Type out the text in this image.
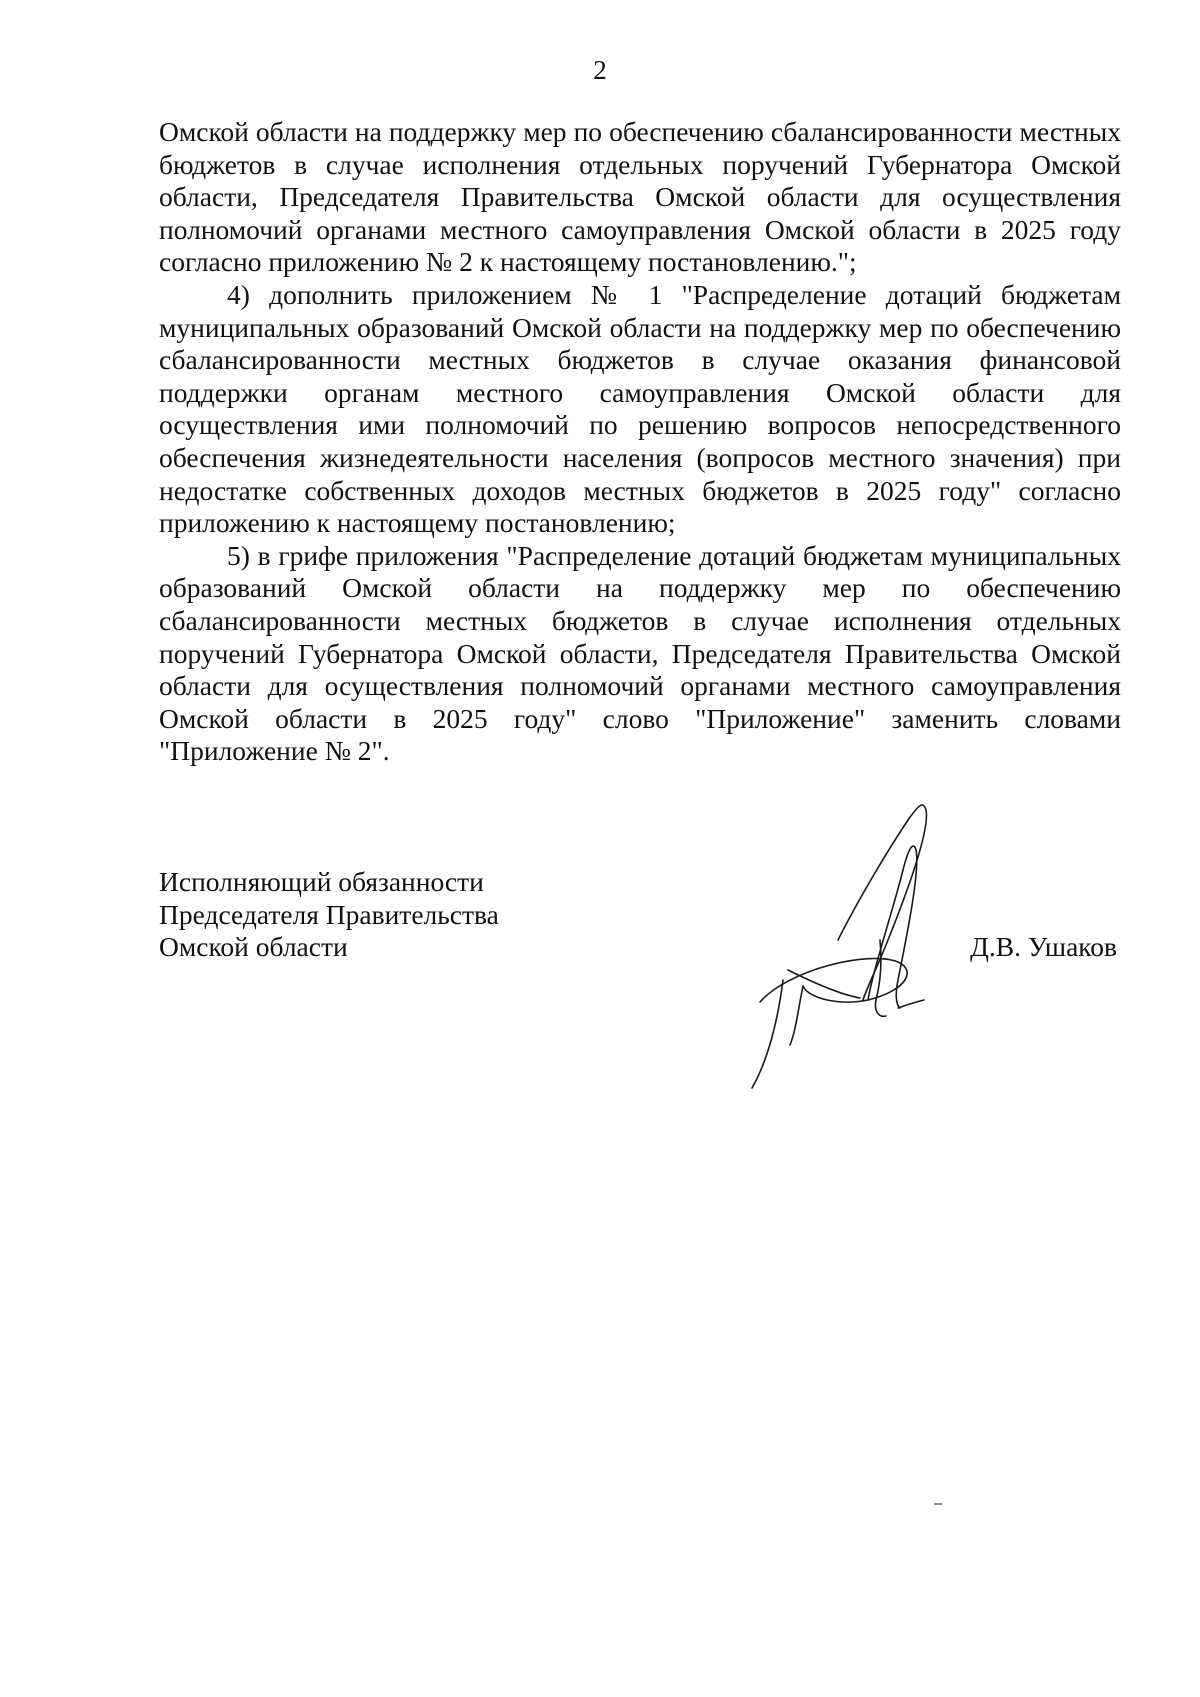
2

Омской области на поддержку мер по обеспечению сбалансированности местных бюджетов в случае исполнения отдельных поручений Губернатора Омской области, Председателя Правительства Омской области для осуществления полномочий органами местного самоуправления Омской области в 2025 году согласно приложению № 2 к настоящему постановлению.";

4) дополнить приложением № 1 "Распределение дотаций бюджетам муниципальных образований Омской области на поддержку мер по обеспечению сбалансированности местных бюджетов в случае оказания финансовой поддержки органам местного самоуправления Омской области для осуществления ими полномочий по решению вопросов непосредственного обеспечения жизнедеятельности населения (вопросов местного значения) при недостатке собственных доходов местных бюджетов в 2025 году" согласно приложению к настоящему постановлению;

5) в грифе приложения "Распределение дотаций бюджетам муниципальных образований Омской области на поддержку мер по обеспечению сбалансированности местных бюджетов в случае исполнения отдельных поручений Губернатора Омской области, Председателя Правительства Омской области для осуществления полномочий органами местного самоуправления Омской области в 2025 году" слово "Приложение" заменить словами "Приложение № 2".

Исполняющий обязанности
Председателя Правительства
Омской области	Д.В. Ушаков
